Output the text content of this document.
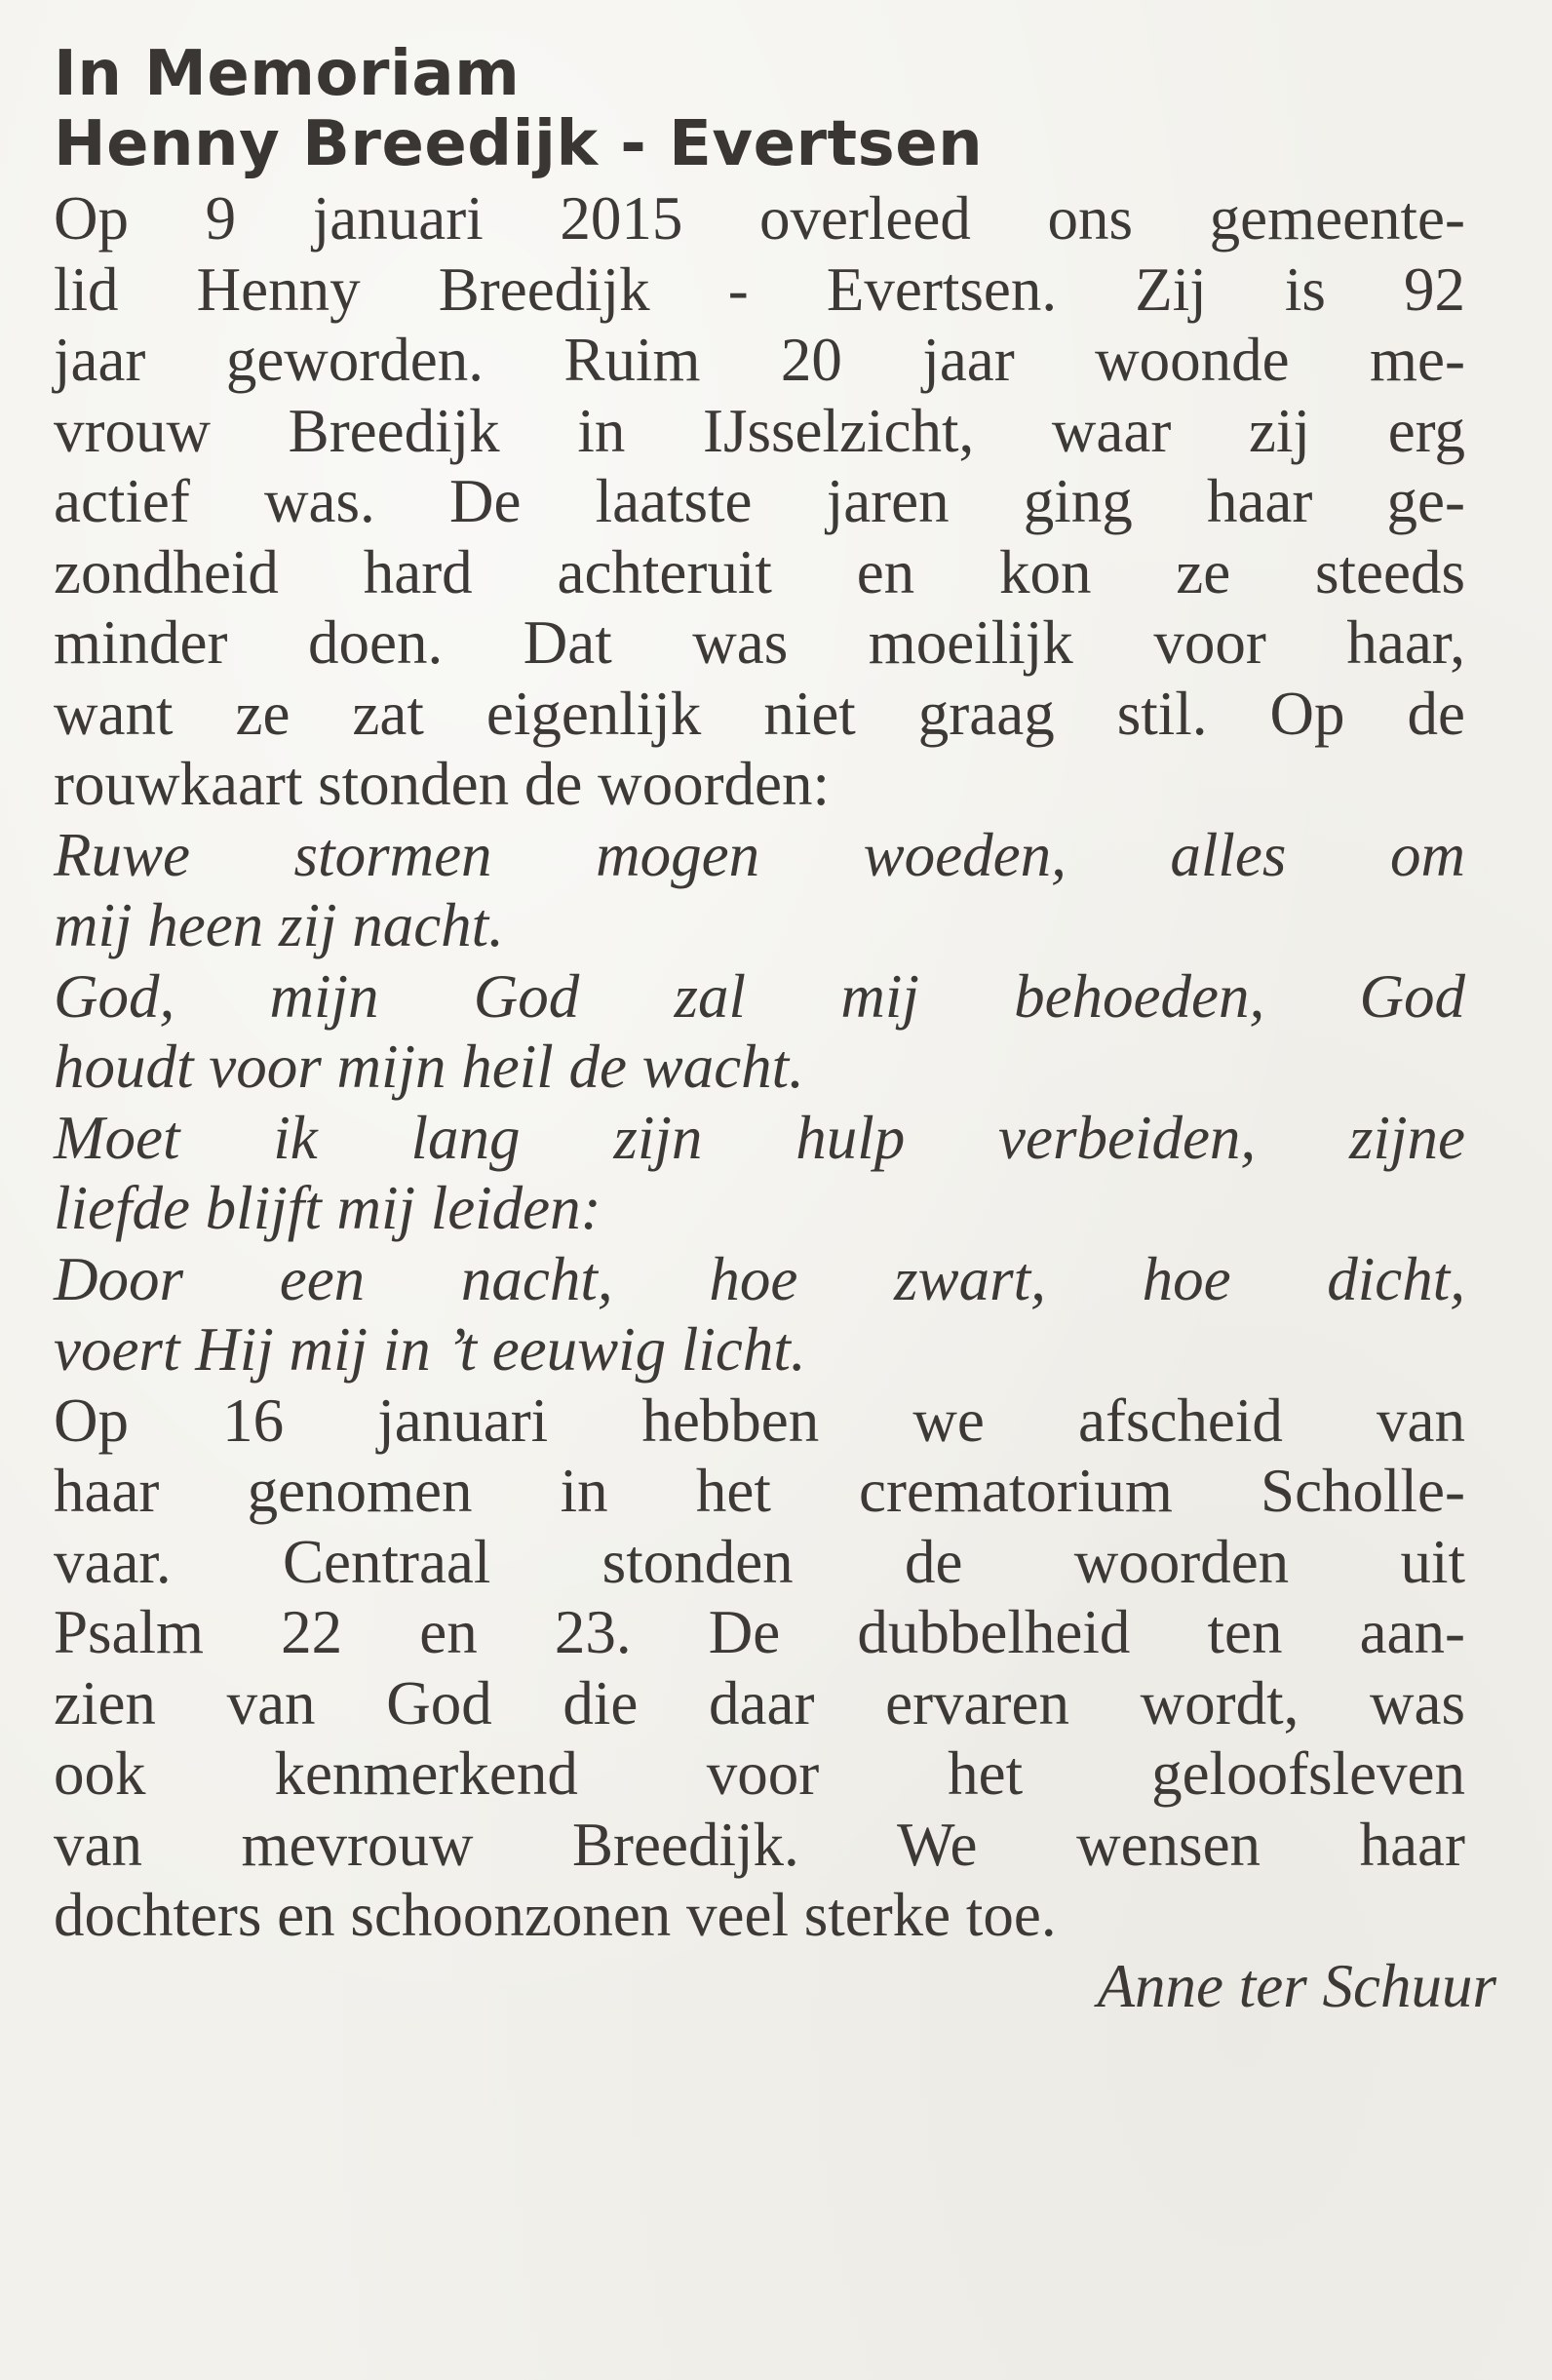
In Memoriam

Henny Breedijk - Evertsen

Op 9 januari 2015 overleed ons gemeente-
lid Henny Breedijk - Evertsen. Zij is 92
jaar geworden. Ruim 20 jaar woonde me-
vrouw Breedijk in IJsselzicht, waar zij erg
actief was. De laatste jaren ging haar ge-
zondheid hard achteruit en kon ze steeds
minder doen. Dat was moeilijk voor haar,
want ze zat eigenlijk niet graag stil. Op de
rouwkaart stonden de woorden:
Ruwe stormen mogen woeden, alles om
mij heen zij nacht.
God, mijn God zal mij behoeden, God
houdt voor mijn heil de wacht.
Moet ik lang zijn hulp verbeiden, zijne
liefde blijft mij leiden:
Door een nacht, hoe zwart, hoe dicht,
voert Hij mij in ’t eeuwig licht.
Op 16 januari hebben we afscheid van
haar genomen in het crematorium Scholle-
vaar. Centraal stonden de woorden uit
Psalm 22 en 23. De dubbelheid ten aan-
zien van God die daar ervaren wordt, was
ook kenmerkend voor het geloofsleven
van mevrouw Breedijk. We wensen haar
dochters en schoonzonen veel sterke toe.
Anne ter Schuur
